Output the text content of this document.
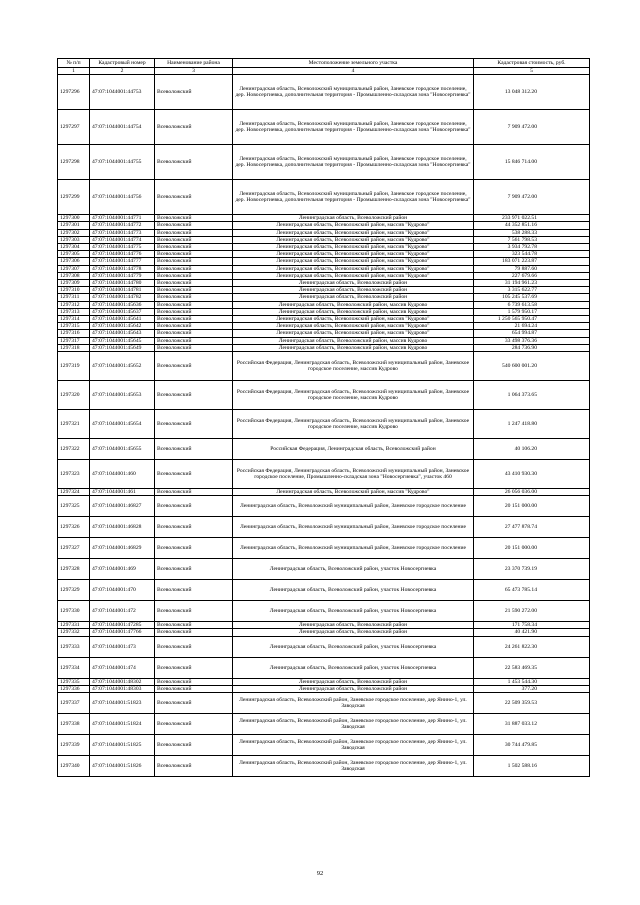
№ п/п	Кадастровый номер	Наименование района	Местоположение земельного участка	Кадастровая стоимость, руб.
1	2	3	4	5
1297296	47:07:1044001:44753	Всеволожский	Ленинградская область, Всеволожский муниципальный район, Заневское городское поселение, дер. Новосергиевка, дополнительная территория - Промышленно-складская зона "Новосергиевка"	13 048 312.20
1297297	47:07:1044001:44754	Всеволожский	Ленинградская область, Всеволожский муниципальный район, Заневское городское поселение, дер. Новосергиевка, дополнительная территория - Промышленно-складская зона "Новосергиевка"	7 909 472.00
1297298	47:07:1044001:44755	Всеволожский	Ленинградская область, Всеволожский муниципальный район, Заневское городское поселение, дер. Новосергиевка, дополнительная территория - Промышленно-складская зона "Новосергиевка"	15 846 714.00
1297299	47:07:1044001:44756	Всеволожский	Ленинградская область, Всеволожский муниципальный район, Заневское городское поселение, дер. Новосергиевка, дополнительная территория - Промышленно-складская зона "Новосергиевка"	7 909 472.00
1297300	47:07:1044001:44771	Всеволожский	Ленинградская область, Всеволожский район	233 971 022.51
1297301	47:07:1044001:44772	Всеволожский	Ленинградская область, Всеволожский район, массив "Кудрово"	44 352 851.16
1297302	47:07:1044001:44773	Всеволожский	Ленинградская область, Всеволожский район, массив "Кудрово"	538 288.33
1297303	47:07:1044001:44774	Всеволожский	Ленинградская область, Всеволожский район, массив "Кудрово"	7 561 798.53
1297304	47:07:1044001:44775	Всеволожский	Ленинградская область, Всеволожский район, массив "Кудрово"	3 934 792.78
1297305	47:07:1044001:44776	Всеволожский	Ленинградская область, Всеволожский район, массив "Кудрово"	323 544.78
1297306	47:07:1044001:44777	Всеволожский	Ленинградская область, Всеволожский район, массив "Кудрово"	183 071 223.87
1297307	47:07:1044001:44778	Всеволожский	Ленинградская область, Всеволожский район, массив "Кудрово"	79 887.60
1297308	47:07:1044001:44779	Всеволожский	Ленинградская область, Всеволожский район, массив "Кудрово"	227 679.66
1297309	47:07:1044001:44780	Всеволожский	Ленинградская область, Всеволожский район	31 194 961.23
1297310	47:07:1044001:44781	Всеволожский	Ленинградская область, Всеволожский район	3 315 622.77
1297311	47:07:1044001:44782	Всеволожский	Ленинградская область, Всеволожский район	105 245 537.69
1297312	47:07:1044001:45636	Всеволожский	Ленинградская область, Всеволожский район, массив Кудрово	6 739 613.58
1297313	47:07:1044001:45637	Всеволожский	Ленинградская область, Всеволожский район, массив Кудрово	1 579 950.17
1297314	47:07:1044001:45641	Всеволожский	Ленинградская область, Всеволожский район, массив "Кудрово"	1 250 565 950.47
1297315	47:07:1044001:45642	Всеволожский	Ленинградская область, Всеволожский район, массив "Кудрово"	21 694.24
1297316	47:07:1044001:45643	Всеволожский	Ленинградская область, Всеволожский район, массив "Кудрово"	654 994.87
1297317	47:07:1044001:45645	Всеволожский	Ленинградская область, Всеволожский район, массив Кудрово	33 498 376.36
1297318	47:07:1044001:45649	Всеволожский	Ленинградская область, Всеволожский район, массив Кудрово	284 736.90
1297319	47:07:1044001:45652	Всеволожский	Российская Федерация, Ленинградская область, Всеволожский муниципальный район, Заневское городское поселение, массив Кудрово	540 600 001.20
1297320	47:07:1044001:45653	Всеволожский	Российская Федерация, Ленинградская область, Всеволожский муниципальный район, Заневское городское поселение, массив Кудрово	1 064 373.65
1297321	47:07:1044001:45654	Всеволожский	Российская Федерация, Ленинградская область, Всеволожский муниципальный район, Заневское городское поселение, массив Кудрово	1 247 418.80
1297322	47:07:1044001:45655	Всеволожский	Российская Федерация, Ленинградская область, Всеволожский район	40 106.20
1297323	47:07:1044001:460	Всеволожский	Российская Федерация, Ленинградская область, Всеволожский муниципальный район, Заневское городское поселение, Промышленно-складская зона "Новосергиевка", участок 460	43 410 930.30
1297324	47:07:1044001:461	Всеволожский	Ленинградская область, Всеволожский район, массив "Кудрово"	26 056 036.00
1297325	47:07:1044001:46827	Всеволожский	Ленинградская область, Всеволожский муниципальный район, Заневское городское поселение	20 151 000.00
1297326	47:07:1044001:46828	Всеволожский	Ленинградская область, Всеволожский муниципальный район, Заневское городское поселение	27 477 878.74
1297327	47:07:1044001:46829	Всеволожский	Ленинградская область, Всеволожский муниципальный район, Заневское городское поселение	20 151 000.00
1297328	47:07:1044001:469	Всеволожский	Ленинградская область, Всеволожский район, участок Новосергиевка	23 370 739.19
1297329	47:07:1044001:470	Всеволожский	Ленинградская область, Всеволожский район, участок Новосергиевка	65 473 785.14
1297330	47:07:1044001:472	Всеволожский	Ленинградская область, Всеволожский район, участок Новосергиевка	21 590 272.00
1297331	47:07:1044001:47285	Всеволожский	Ленинградская область, Всеволожский район	171 758.34
1297332	47:07:1044001:47766	Всеволожский	Ленинградская область, Всеволожский район	40 421.90
1297333	47:07:1044001:473	Всеволожский	Ленинградская область, Всеволожский район, участок Новосергиевка	24 261 822.30
1297334	47:07:1044001:474	Всеволожский	Ленинградская область, Всеволожский район, участок Новосергиевка	22 583 469.35
1297335	47:07:1044001:48302	Всеволожский	Ленинградская область, Всеволожский район	1 453 544.30
1297336	47:07:1044001:48303	Всеволожский	Ленинградская область, Всеволожский район	377.20
1297337	47:07:1044001:51823	Всеволожский	Ленинградская область, Всеволожский район, Заневское городское поселение, дер Янино-1, ул. Заводская	22 509 359.53
1297338	47:07:1044001:51824	Всеволожский	Ленинградская область, Всеволожский район, Заневское городское поселение, дер Янино-1, ул. Заводская	31 887 033.12
1297339	47:07:1044001:51825	Всеволожский	Ленинградская область, Всеволожский район, Заневское городское поселение, дер Янино-1, ул. Заводская	30 744 479.85
1297340	47:07:1044001:51826	Всеволожский	Ленинградская область, Всеволожский район, Заневское городское поселение, дер Янино-1, ул. Заводская	1 502 588.16
92
